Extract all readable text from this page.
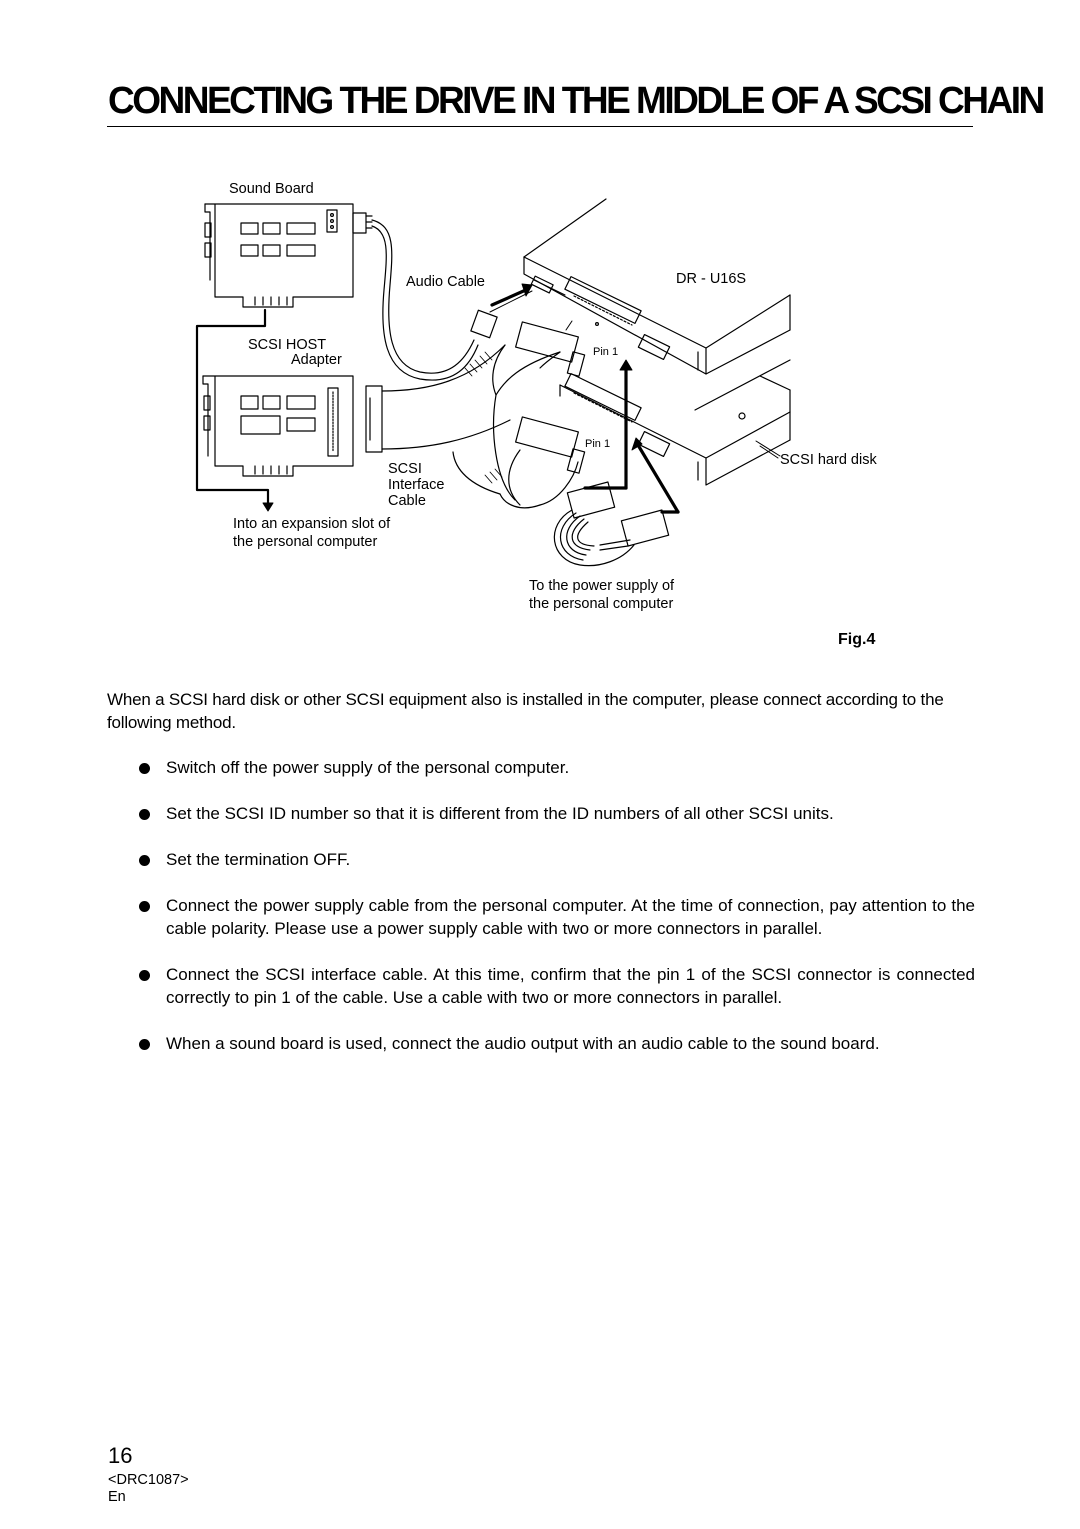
CONNECTING THE DRIVE IN THE MIDDLE OF A SCSI CHAIN
Sound Board
Audio Cable	DR - U16S
SCSI HOST
Adapter	Pin 1
Pin 1
SCSI hard disk
SCSI
Interface
Cable
Into an expansion slot of
the personal computer
To the power supply of
the personal computer
Fig.4

When a SCSI hard disk or other SCSI equipment also is installed in the computer, please connect according to the following method.

Switch off the power supply of the personal computer.
Set the SCSI ID number so that it is different from the ID numbers of all other SCSI units.
Set the termination OFF.
Connect the power supply cable from the personal computer. At the time of connection, pay attention to the cable polarity. Please use a power supply cable with two or more connectors in parallel.
Connect the SCSI interface cable. At this time, confirm that the pin 1 of the SCSI connector is connected correctly to pin 1 of the cable. Use a cable with two or more connectors in parallel.
When a sound board is used, connect the audio output with an audio cable to the sound board.
16
<DRC1087>
En
